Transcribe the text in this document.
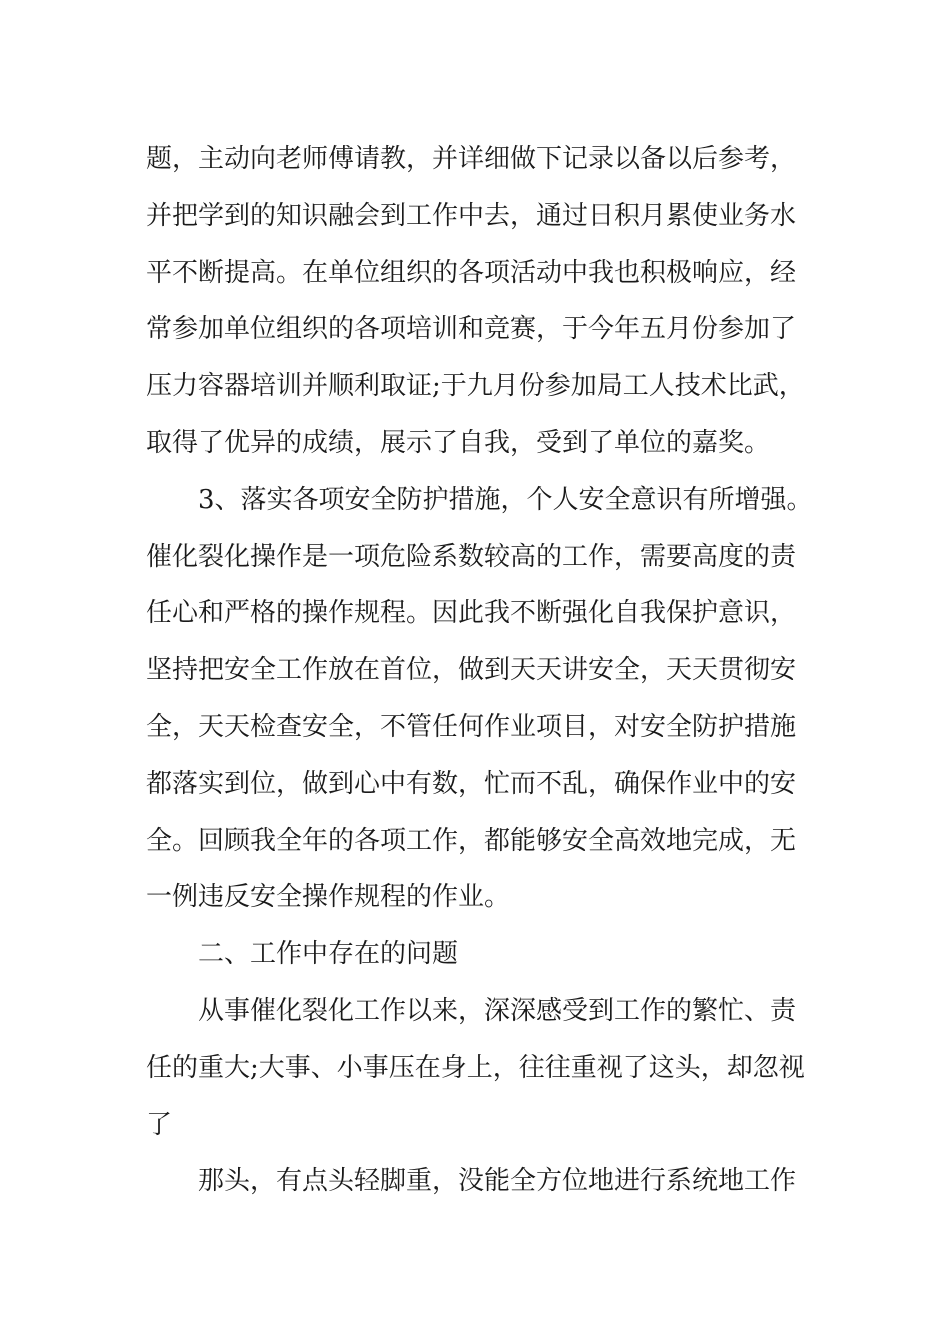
题，主动向老师傅请教，并详细做下记录以备以后参考，
并把学到的知识融会到工作中去，通过日积月累使业务水
平不断提高。在单位组织的各项活动中我也积极响应，经
常参加单位组织的各项培训和竞赛，于今年五月份参加了
压力容器培训并顺利取证;于九月份参加局工人技术比武，
取得了优异的成绩，展示了自我，受到了单位的嘉奖。

3、落实各项安全防护措施，个人安全意识有所增强。
催化裂化操作是一项危险系数较高的工作，需要高度的责
任心和严格的操作规程。因此我不断强化自我保护意识，
坚持把安全工作放在首位，做到天天讲安全，天天贯彻安
全，天天检查安全，不管任何作业项目，对安全防护措施
都落实到位，做到心中有数，忙而不乱，确保作业中的安
全。回顾我全年的各项工作，都能够安全高效地完成，无
一例违反安全操作规程的作业。

二、工作中存在的问题

从事催化裂化工作以来，深深感受到工作的繁忙、责
任的重大;大事、小事压在身上，往往重视了这头，却忽视
了

那头，有点头轻脚重，没能全方位地进行系统地工作
